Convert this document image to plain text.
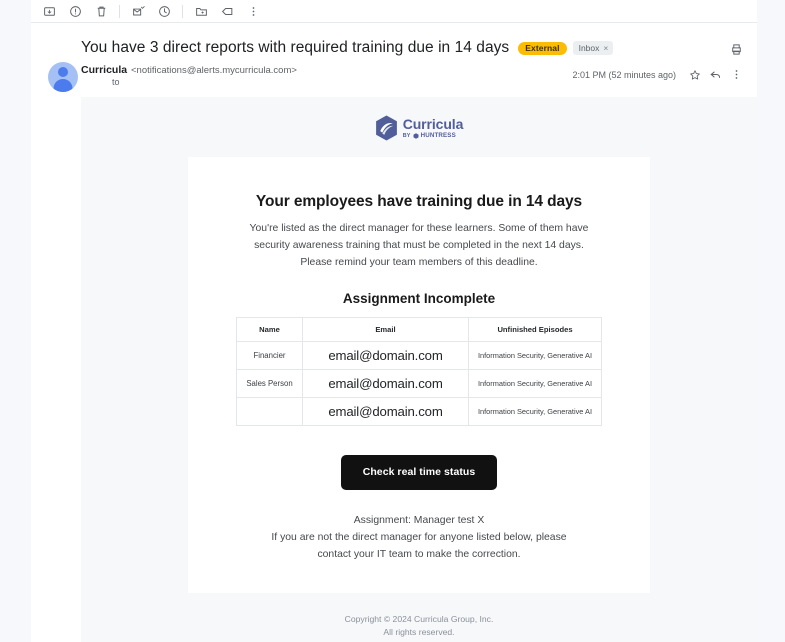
You have 3 direct reports with required training due in 14 days	External	Inbox ×
Curricula <notifications@alerts.mycurricula.com>
to
2:01 PM (52 minutes ago)
Curricula
BY HUNTRESS
Your employees have training due in 14 days

You're listed as the direct manager for these learners. Some of them have security awareness training that must be completed in the next 14 days. Please remind your team members of this deadline.

Assignment Incomplete
Name	Email	Unfinished Episodes
Financier	email@domain.com	Information Security, Generative AI
Sales Person	email@domain.com	Information Security, Generative AI
	email@domain.com	Information Security, Generative AI
Check real time status
Assignment: Manager test X
If you are not the direct manager for anyone listed below, please
contact your IT team to make the correction.
Copyright © 2024 Curricula Group, Inc.
All rights reserved.
